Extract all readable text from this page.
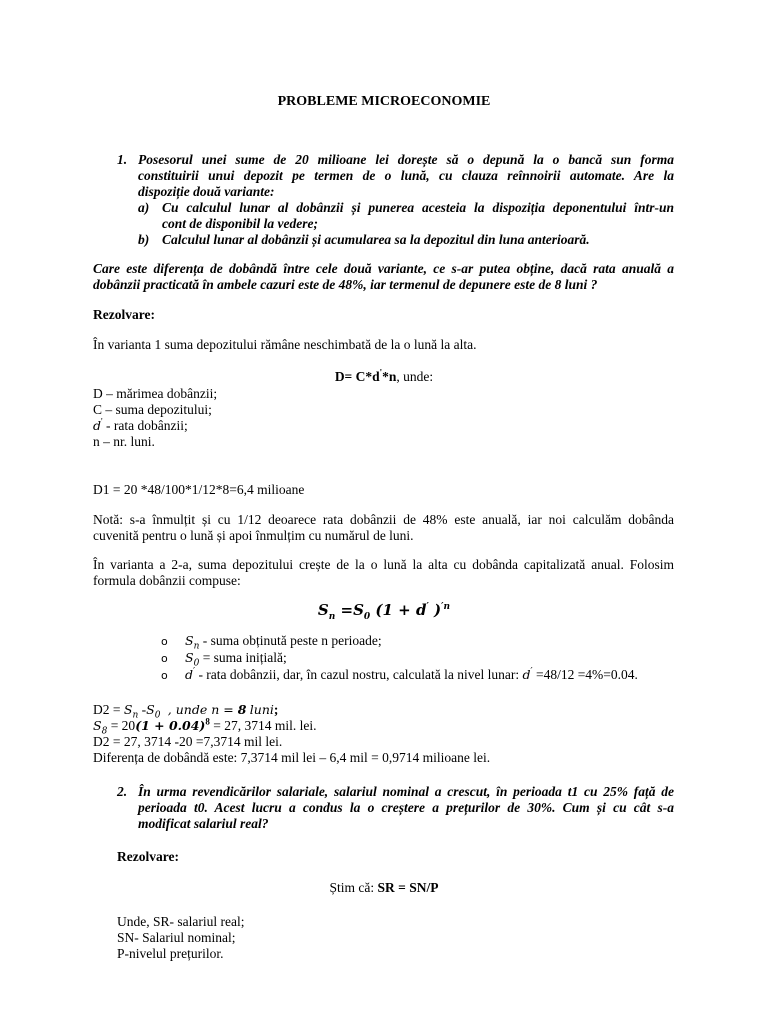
PROBLEME MICROECONOMIE
1. Posesorul unei sume de 20 milioane lei dorește să o depună la o bancă sun forma
constituirii unui depozit pe termen de o lună, cu clauza reînnoirii automate. Are la
dispoziție două variante:
a) Cu calculul lunar al dobânzii și punerea acesteia la dispoziția deponentului într-un
cont de disponibil la vedere;
b) Calculul lunar al dobânzii și acumularea sa la depozitul din luna anterioară.
Care este diferența de dobândă între cele două variante, ce s-ar putea obține, dacă rata anuală a
dobânzii practicată în ambele cazuri este de 48%, iar termenul de depunere este de 8 luni ?
Rezolvare:
În varianta 1 suma depozitului rămâne neschimbată de la o lună la alta.
D= C*d'*n, unde:
D – mărimea dobânzii;
C – suma depozitului;
d' - rata dobânzii;
n – nr. luni.
D1 = 20 *48/100*1/12*8=6,4 milioane
Notă: s-a înmulțit și cu 1/12 deoarece rata dobânzii de 48% este anuală, iar noi calculăm dobânda
cuvenită pentru o lună și apoi înmulțim cu numărul de luni.
În varianta a 2-a, suma depozitului crește de la o lună la alta cu dobânda capitalizată anual. Folosim
formula dobânzii compuse:
$S_n =S_0$ (1 + d′ )$^{'n}$
o $S_n$ - suma obținută peste n perioade;
o $S_0$ = suma inițială;
o d′ - rata dobânzii, dar, în cazul nostru, calculată la nivel lunar: d′ =48/12 =4%=0.04.
$D2 = S_n$ $-S_0$  , unde n = 8 luni;
$S_8 = 20(1 + 0.04)^8 = 27$, 3714 mil. lei.
D2 = 27, 3714 -20 =7,3714 mil lei.
Diferența de dobândă este: 7,3714 mil lei – 6,4 mil = 0,9714 milioane lei.
2. În urma revendicărilor salariale, salariul nominal a crescut, în perioada t1 cu 25% față de
perioada t0. Acest lucru a condus la o creștere a prețurilor de 30%. Cum și cu cât s-a
modificat salariul real?
Rezolvare:
Știm că: SR = SN/P
Unde, SR- salariul real;
SN- Salariul nominal;
P-nivelul prețurilor.
